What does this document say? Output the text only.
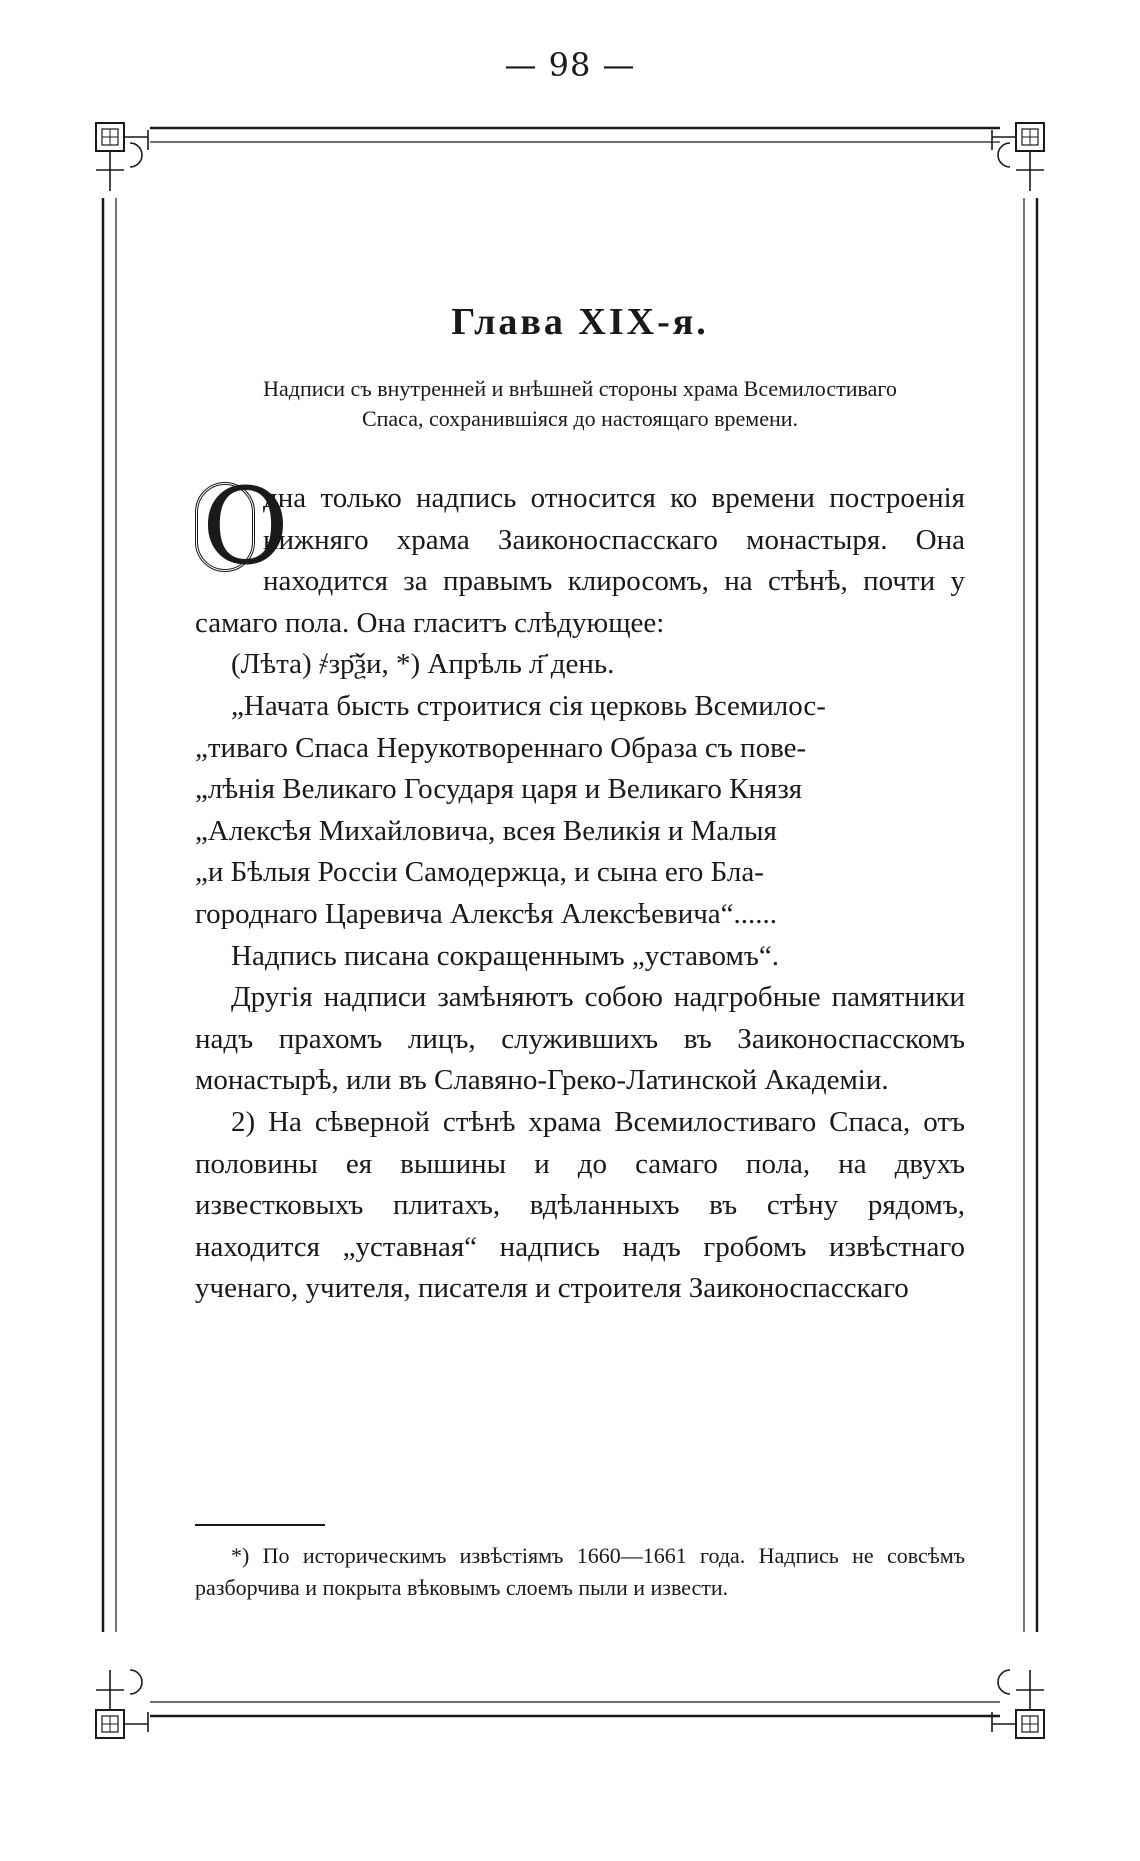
— 98 —
Глава XIX-я.
Надписи съ внутренней и внѣшней стороны храма Всемилостиваго
Спаса, сохранившіяся до настоящаго времени.

О
дна только надпись относится ко времени построенія нижняго храма Заиконоспасскаго монастыря. Она находится за правымъ клиросомъ, на стѣнѣ, почти у самаго пола. Она гласитъ слѣдующее:

(Лѣта) ҂зр҃ѯи, *) Апрѣль л҃ день.

„Начата бысть строитися сія церковь Всемилос-

„тиваго Спаса Нерукотвореннаго Образа съ пове-

„лѣнія Великаго Государя царя и Великаго Князя

„Алексѣя Михайловича, всея Великія и Малыя

„и Бѣлыя Россіи Самодержца, и сына его Бла-

городнаго Царевича Алексѣя Алексѣевича“......

Надпись писана сокращеннымъ „уставомъ“.

Другія надписи замѣняютъ собою надгробные памятники надъ прахомъ лицъ, служившихъ въ Заиконоспасскомъ монастырѣ, или въ Славяно-Греко-Латинской Академіи.

2) На сѣверной стѣнѣ храма Всемилостиваго Спаса, отъ половины ея вышины и до самаго пола, на двухъ известковыхъ плитахъ, вдѣланныхъ въ стѣну рядомъ, находится „уставная“ надпись надъ гробомъ извѣстнаго ученаго, учителя, писателя и строителя Заиконоспасскаго

*) По историческимъ извѣстіямъ 1660—1661 года. Надпись не совсѣмъ разборчива и покрыта вѣковымъ слоемъ пыли и извести.
